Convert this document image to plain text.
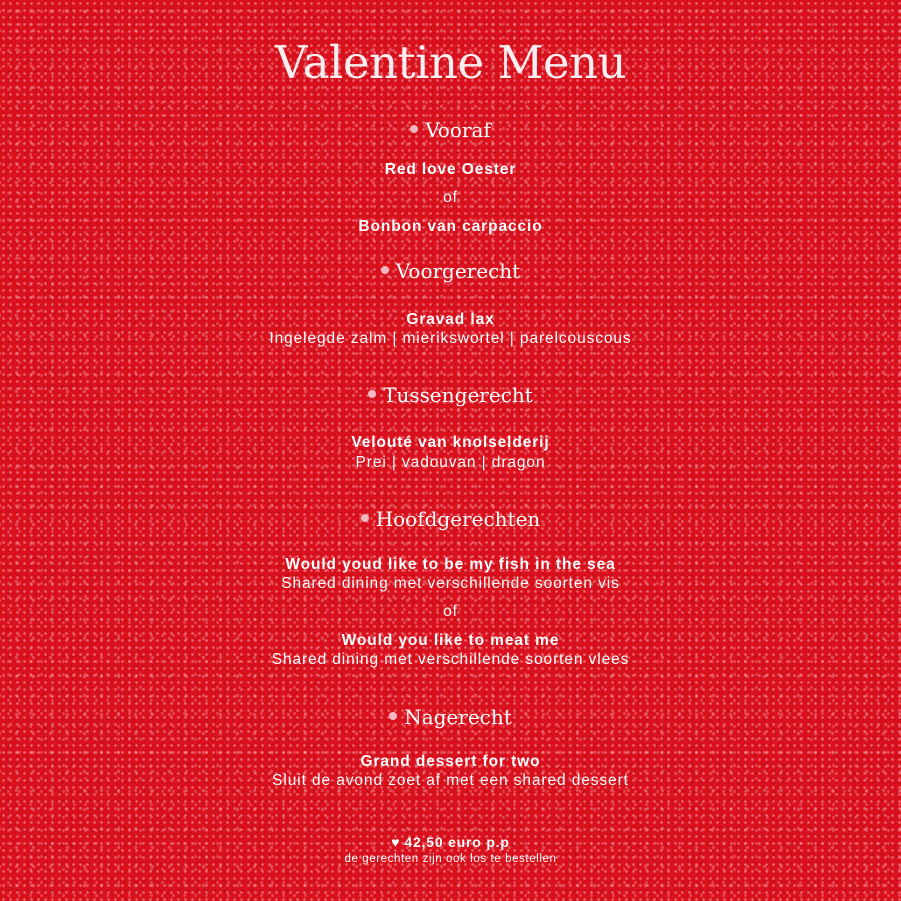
Valentine Menu
Vooraf
Red love Oester
of
Bonbon van carpaccio
Voorgerecht
Gravad lax
Ingelegde zalm | mierikswortel | parelcouscous
Tussengerecht
Velouté van knolselderij
Prei | vadouvan | dragon
Hoofdgerechten
Would youd like to be my fish in the sea
Shared dining met verschillende soorten vis
of
Would you like to meat me
Shared dining met verschillende soorten vlees
Nagerecht
Grand dessert for two
Sluit de avond zoet af met een shared dessert
♥ 42,50 euro p.p
de gerechten zijn ook los te bestellen
